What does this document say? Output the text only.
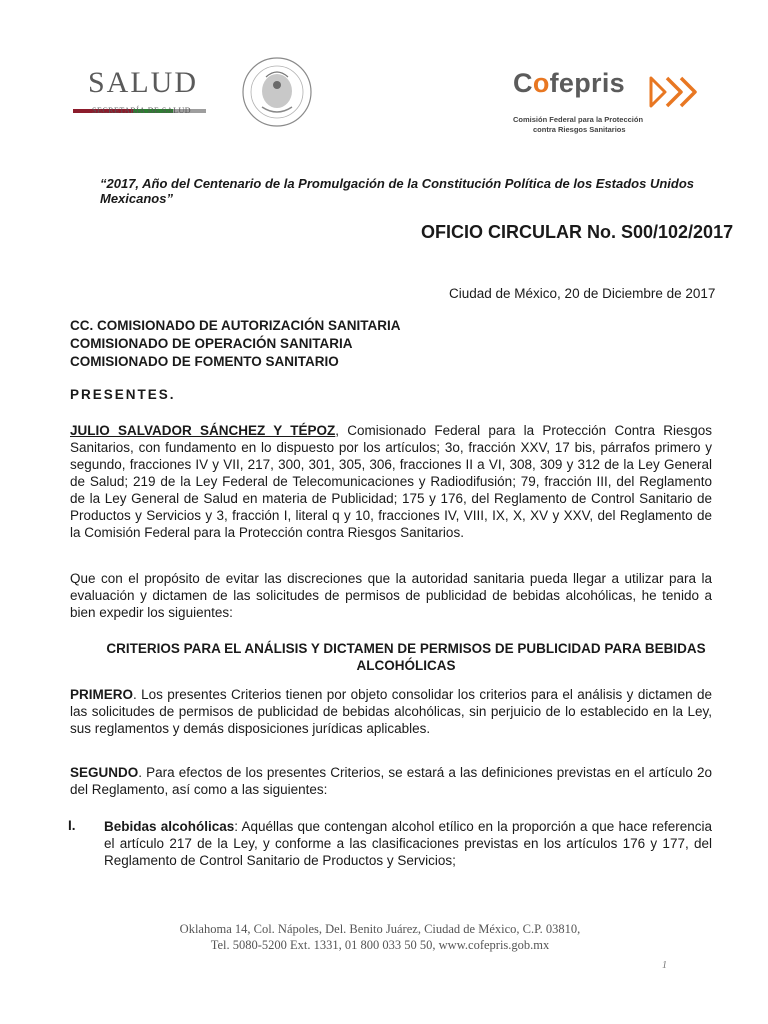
SALUD
SECRETARÍA DE SALUD
Cofepris
Comisión Federal para la Protección
contra Riesgos Sanitarios
“2017, Año del Centenario de la Promulgación de la Constitución Política de los Estados Unidos Mexicanos”
OFICIO CIRCULAR No. S00/102/2017
Ciudad de México, 20 de Diciembre de 2017
CC. COMISIONADO DE AUTORIZACIÓN SANITARIA
COMISIONADO DE OPERACIÓN SANITARIA
COMISIONADO DE FOMENTO SANITARIO
PRESENTES.
JULIO SALVADOR SÁNCHEZ Y TÉPOZ, Comisionado Federal para la Protección Contra Riesgos Sanitarios, con fundamento en lo dispuesto por los artículos; 3o, fracción XXV, 17 bis, párrafos primero y segundo, fracciones IV y VII, 217, 300, 301, 305, 306, fracciones II a VI, 308, 309 y 312 de la Ley General de Salud; 219 de la Ley Federal de Telecomunicaciones y Radiodifusión; 79, fracción III, del Reglamento de la Ley General de Salud en materia de Publicidad; 175 y 176, del Reglamento de Control Sanitario de Productos y Servicios y 3, fracción I, literal q y 10, fracciones IV, VIII, IX, X, XV y XXV, del Reglamento de la Comisión Federal para la Protección contra Riesgos Sanitarios.
Que con el propósito de evitar las discreciones que la autoridad sanitaria pueda llegar a utilizar para la evaluación y dictamen de las solicitudes de permisos de publicidad de bebidas alcohólicas, he tenido a bien expedir los siguientes:
CRITERIOS PARA EL ANÁLISIS Y DICTAMEN DE PERMISOS DE PUBLICIDAD PARA BEBIDAS ALCOHÓLICAS
PRIMERO. Los presentes Criterios tienen por objeto consolidar los criterios para el análisis y dictamen de las solicitudes de permisos de publicidad de bebidas alcohólicas, sin perjuicio de lo establecido en la Ley, sus reglamentos y demás disposiciones jurídicas aplicables.
SEGUNDO. Para efectos de los presentes Criterios, se estará a las definiciones previstas en el artículo 2o del Reglamento, así como a las siguientes:
I. Bebidas alcohólicas: Aquéllas que contengan alcohol etílico en la proporción a que hace referencia el artículo 217 de la Ley, y conforme a las clasificaciones previstas en los artículos 176 y 177, del Reglamento de Control Sanitario de Productos y Servicios;
Oklahoma 14, Col. Nápoles, Del. Benito Juárez, Ciudad de México, C.P. 03810,
Tel. 5080-5200 Ext. 1331, 01 800 033 50 50, www.cofepris.gob.mx
1
